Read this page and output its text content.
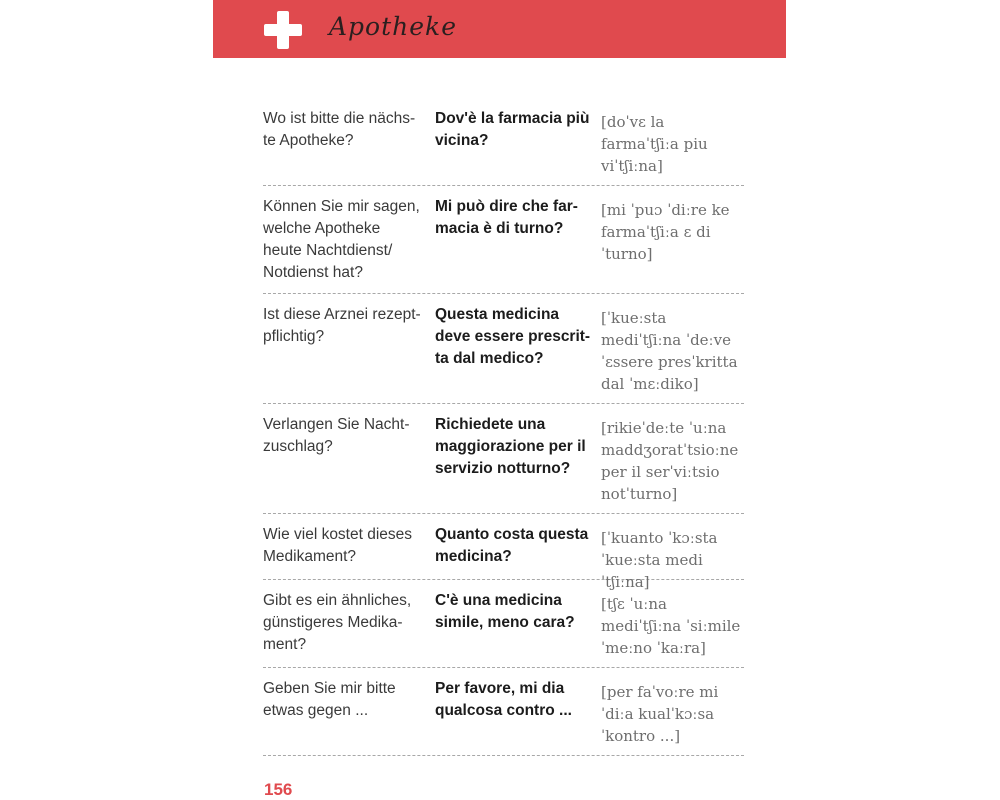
Apotheke
Wo ist bitte die nächs-
te Apotheke?
Dov'è la farmacia più
vicina?
[doˈvɛ la
farmaˈtʃiːa piu
viˈtʃiːna]
Können Sie mir sagen,
welche Apotheke
heute Nachtdienst/
Notdienst hat?
Mi può dire che far-
macia è di turno?
[mi ˈpuɔ ˈdiːre ke
farmaˈtʃiːa ɛ di
ˈturno]
Ist diese Arznei rezept-
pflichtig?
Questa medicina
deve essere prescrit-
ta dal medico?
[ˈkueːsta
mediˈtʃiːna ˈdeːve
ˈɛssere presˈkritta
dal ˈmɛːdiko]
Verlangen Sie Nacht-
zuschlag?
Richiedete una
maggiorazione per il
servizio notturno?
[rikieˈdeːte ˈuːna
maddʒoratˈtsioːne
per il serˈviːtsio
notˈturno]
Wie viel kostet dieses
Medikament?
Quanto costa questa
medicina?
[ˈkuanto ˈkɔːsta
ˈkueːsta mediˈtʃiːna]
Gibt es ein ähnliches,
günstigeres Medika-
ment?
C'è una medicina
simile, meno cara?
[tʃɛ ˈuːna
mediˈtʃiːna ˈsiːmile
ˈmeːno ˈkaːra]
Geben Sie mir bitte
etwas gegen ...
Per favore, mi dia
qualcosa contro ...
[per faˈvoːre mi
ˈdiːa kualˈkɔːsa
ˈkontro ...]
156
